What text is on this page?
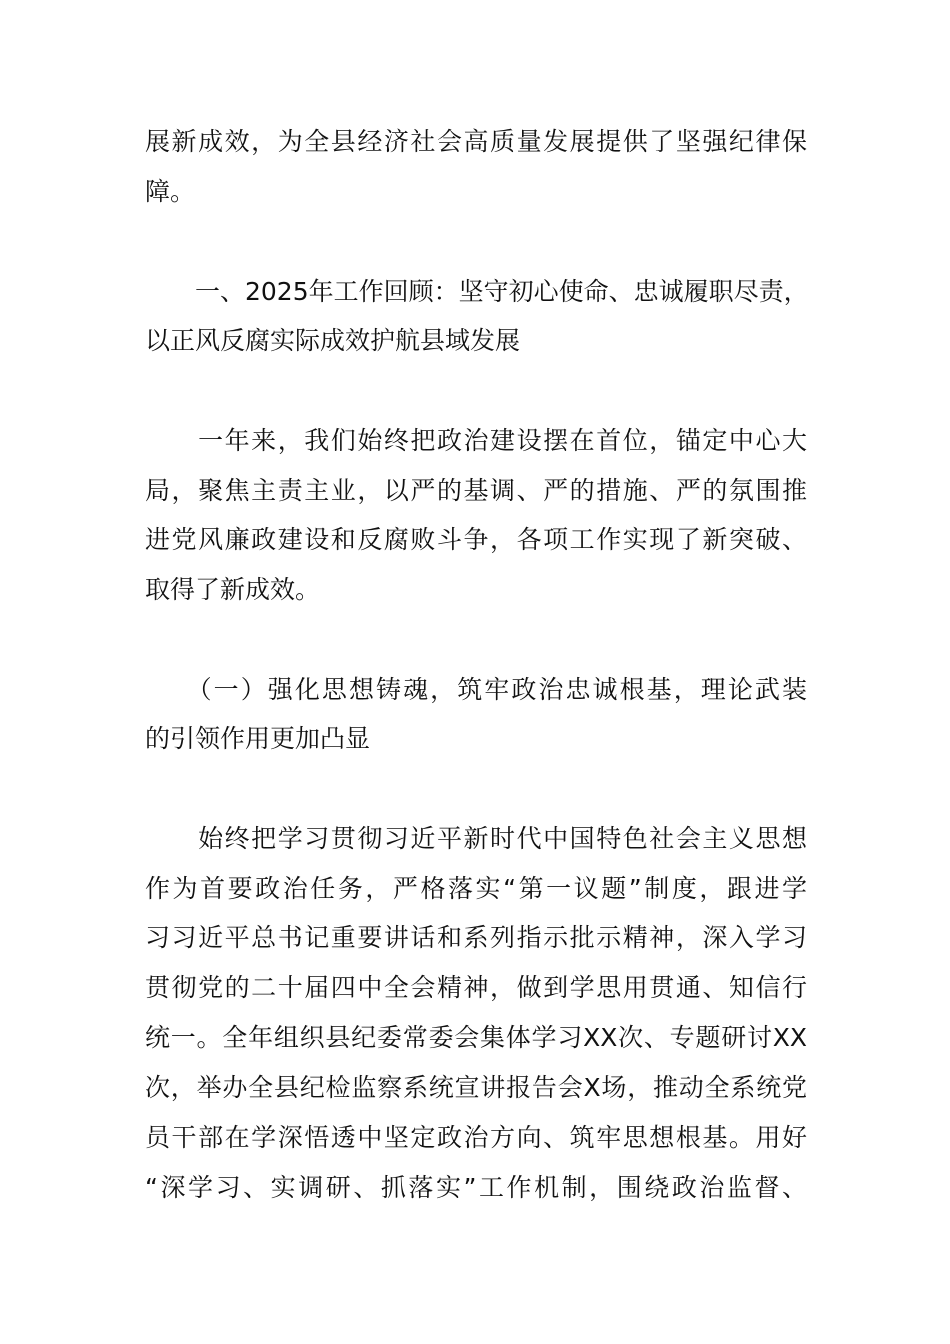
展新成效，为全县经济社会高质量发展提供了坚强纪律保
障。
　　一、2025年工作回顾：坚守初心使命、忠诚履职尽责，
以正风反腐实际成效护航县域发展
　　一年来，我们始终把政治建设摆在首位，锚定中心大
局，聚焦主责主业，以严的基调、严的措施、严的氛围推
进党风廉政建设和反腐败斗争，各项工作实现了新突破、
取得了新成效。
　　（一）强化思想铸魂，筑牢政治忠诚根基，理论武装
的引领作用更加凸显
　　始终把学习贯彻习近平新时代中国特色社会主义思想
作为首要政治任务，严格落实“第一议题”制度，跟进学
习习近平总书记重要讲话和系列指示批示精神，深入学习
贯彻党的二十届四中全会精神，做到学思用贯通、知信行
统一。全年组织县纪委常委会集体学习XX次、专题研讨XX
次，举办全县纪检监察系统宣讲报告会X场，推动全系统党
员干部在学深悟透中坚定政治方向、筑牢思想根基。用好
“深学习、实调研、抓落实”工作机制，围绕政治监督、
